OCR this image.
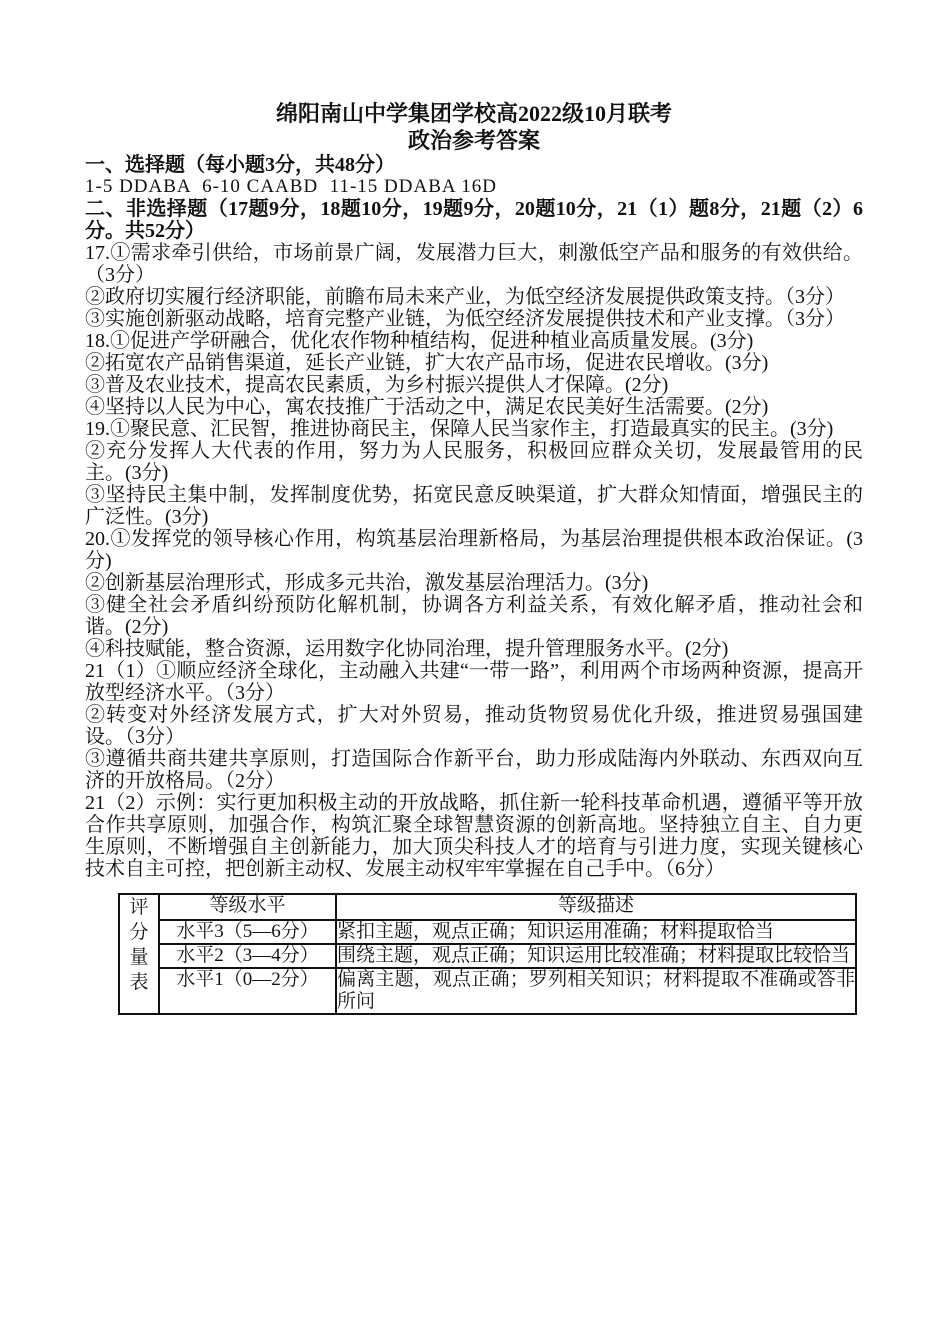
绵阳南山中学集团学校高2022级10月联考

政治参考答案

一、选择题（每小题3分，共48分）

1-5 DDABA  6-10 CAABD  11-15 DDABA 16D

二、非选择题（17题9分，18题10分，19题9分，20题10分，21（1）题8分，21题（2）6分。共52分）

17.①需求牵引供给，市场前景广阔，发展潜力巨大，刺激低空产品和服务的有效供给。（3分）

②政府切实履行经济职能，前瞻布局未来产业，为低空经济发展提供政策支持。（3分）

③实施创新驱动战略，培育完整产业链，为低空经济发展提供技术和产业支撑。（3分）

18.①促进产学研融合，优化农作物种植结构，促进种植业高质量发展。(3分)

②拓宽农产品销售渠道，延长产业链，扩大农产品市场，促进农民增收。(3分)

③普及农业技术，提高农民素质，为乡村振兴提供人才保障。(2分)

④坚持以人民为中心，寓农技推广于活动之中，满足农民美好生活需要。(2分)

19.①聚民意、汇民智，推进协商民主，保障人民当家作主，打造最真实的民主。(3分)

②充分发挥人大代表的作用，努力为人民服务，积极回应群众关切，发展最管用的民主。(3分)

③坚持民主集中制，发挥制度优势，拓宽民意反映渠道，扩大群众知情面，增强民主的广泛性。(3分)

20.①发挥党的领导核心作用，构筑基层治理新格局，为基层治理提供根本政治保证。(3分)

②创新基层治理形式，形成多元共治，激发基层治理活力。(3分)

③健全社会矛盾纠纷预防化解机制，协调各方利益关系，有效化解矛盾，推动社会和谐。(2分)

④科技赋能，整合资源，运用数字化协同治理，提升管理服务水平。(2分)

21（1）①顺应经济全球化，主动融入共建“一带一路”，利用两个市场两种资源，提高开放型经济水平。（3分）

②转变对外经济发展方式，扩大对外贸易，推动货物贸易优化升级，推进贸易强国建设。（3分）

③遵循共商共建共享原则，打造国际合作新平台，助力形成陆海内外联动、东西双向互济的开放格局。（2分）

21（2）示例：实行更加积极主动的开放战略，抓住新一轮科技革命机遇，遵循平等开放合作共享原则，加强合作，构筑汇聚全球智慧资源的创新高地。坚持独立自主、自力更生原则，不断增强自主创新能力，加大顶尖科技人才的培育与引进力度，实现关键核心技术自主可控，把创新主动权、发展主动权牢牢掌握在自己手中。（6分）

评分量表	等级水平	等级描述
	水平3（5—6分）	紧扣主题，观点正确；知识运用准确；材料提取恰当
	水平2（3—4分）	围绕主题，观点正确；知识运用比较准确；材料提取比较恰当
	水平1（0—2分）	偏离主题，观点正确；罗列相关知识；材料提取不准确或答非所问
